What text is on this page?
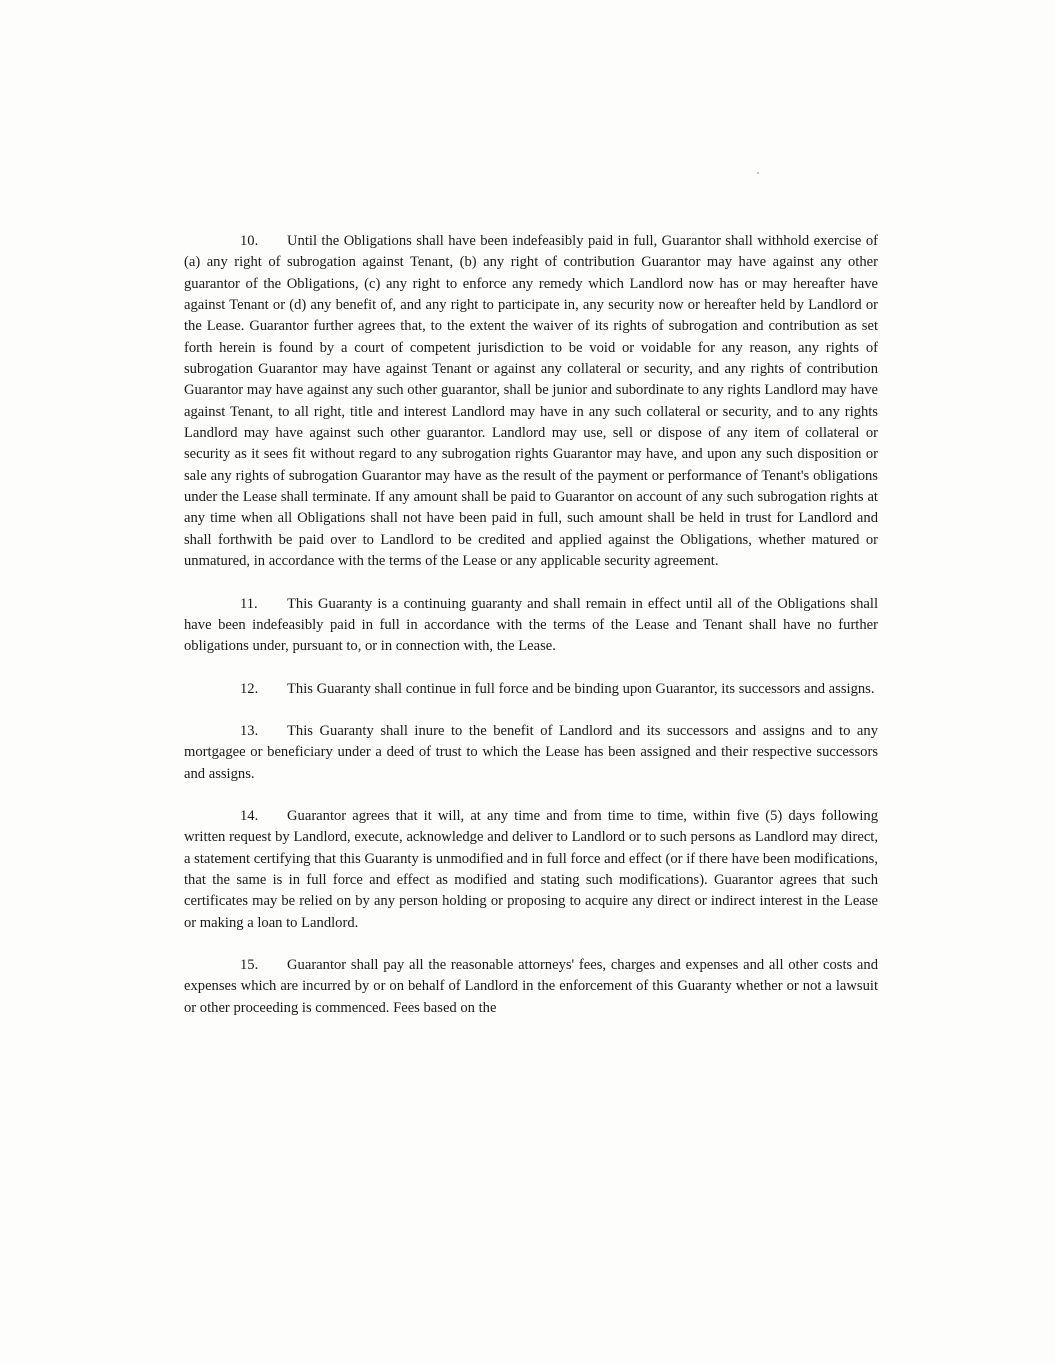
10. Until the Obligations shall have been indefeasibly paid in full, Guarantor shall withhold exercise of (a) any right of subrogation against Tenant, (b) any right of contribution Guarantor may have against any other guarantor of the Obligations, (c) any right to enforce any remedy which Landlord now has or may hereafter have against Tenant or (d) any benefit of, and any right to participate in, any security now or hereafter held by Landlord or the Lease. Guarantor further agrees that, to the extent the waiver of its rights of subrogation and contribution as set forth herein is found by a court of competent jurisdiction to be void or voidable for any reason, any rights of subrogation Guarantor may have against Tenant or against any collateral or security, and any rights of contribution Guarantor may have against any such other guarantor, shall be junior and subordinate to any rights Landlord may have against Tenant, to all right, title and interest Landlord may have in any such collateral or security, and to any rights Landlord may have against such other guarantor. Landlord may use, sell or dispose of any item of collateral or security as it sees fit without regard to any subrogation rights Guarantor may have, and upon any such disposition or sale any rights of subrogation Guarantor may have as the result of the payment or performance of Tenant's obligations under the Lease shall terminate. If any amount shall be paid to Guarantor on account of any such subrogation rights at any time when all Obligations shall not have been paid in full, such amount shall be held in trust for Landlord and shall forthwith be paid over to Landlord to be credited and applied against the Obligations, whether matured or unmatured, in accordance with the terms of the Lease or any applicable security agreement.

11. This Guaranty is a continuing guaranty and shall remain in effect until all of the Obligations shall have been indefeasibly paid in full in accordance with the terms of the Lease and Tenant shall have no further obligations under, pursuant to, or in connection with, the Lease.

12. This Guaranty shall continue in full force and be binding upon Guarantor, its successors and assigns.

13. This Guaranty shall inure to the benefit of Landlord and its successors and assigns and to any mortgagee or beneficiary under a deed of trust to which the Lease has been assigned and their respective successors and assigns.

14. Guarantor agrees that it will, at any time and from time to time, within five (5) days following written request by Landlord, execute, acknowledge and deliver to Landlord or to such persons as Landlord may direct, a statement certifying that this Guaranty is unmodified and in full force and effect (or if there have been modifications, that the same is in full force and effect as modified and stating such modifications). Guarantor agrees that such certificates may be relied on by any person holding or proposing to acquire any direct or indirect interest in the Lease or making a loan to Landlord.

15. Guarantor shall pay all the reasonable attorneys' fees, charges and expenses and all other costs and expenses which are incurred by or on behalf of Landlord in the enforcement of this Guaranty whether or not a lawsuit or other proceeding is commenced. Fees based on the
